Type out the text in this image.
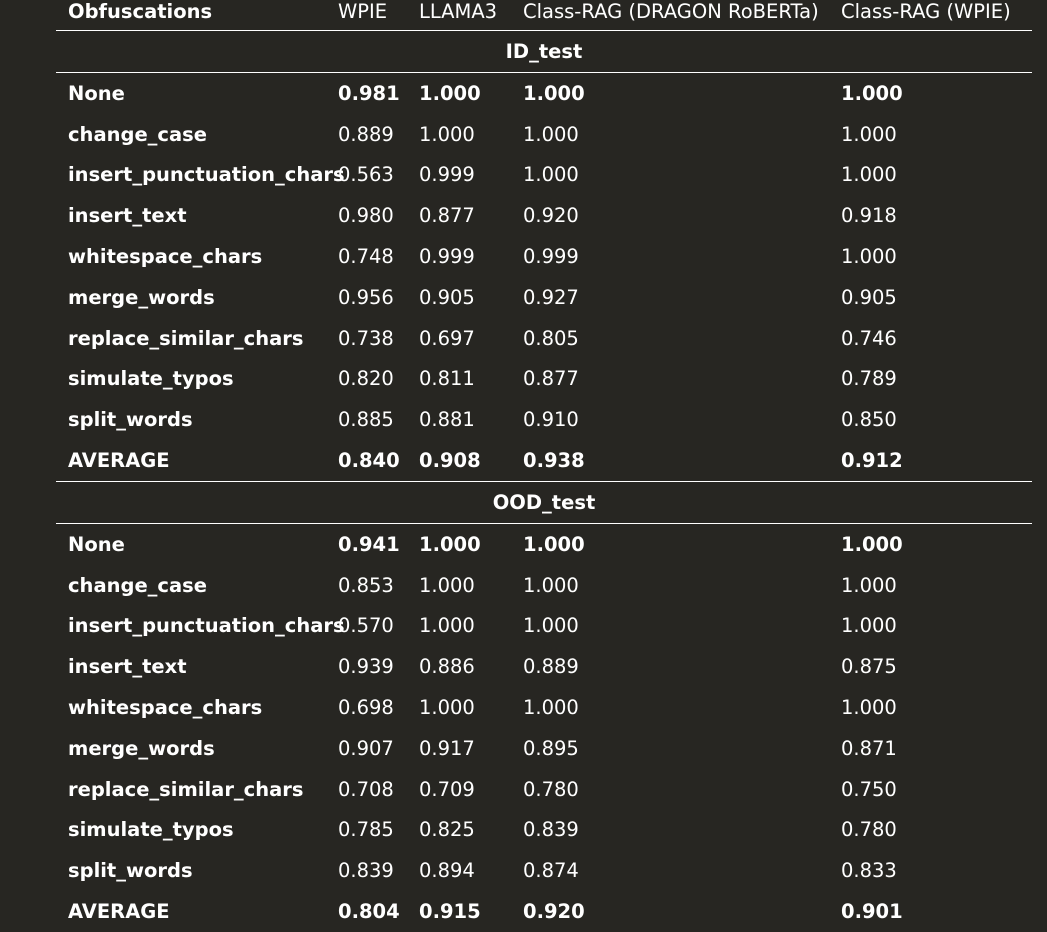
Obfuscations	WPIE	LLAMA3	Class-RAG (DRAGON RoBERTa)	Class-RAG (WPIE)
ID_test				
None	0.981	1.000	1.000	1.000
change_case	0.889	1.000	1.000	1.000
insert_punctuation_chars	0.563	0.999	1.000	1.000
insert_text	0.980	0.877	0.920	0.918
whitespace_chars	0.748	0.999	0.999	1.000
merge_words	0.956	0.905	0.927	0.905
replace_similar_chars	0.738	0.697	0.805	0.746
simulate_typos	0.820	0.811	0.877	0.789
split_words	0.885	0.881	0.910	0.850
AVERAGE	0.840	0.908	0.938	0.912
OOD_test				
None	0.941	1.000	1.000	1.000
change_case	0.853	1.000	1.000	1.000
insert_punctuation_chars	0.570	1.000	1.000	1.000
insert_text	0.939	0.886	0.889	0.875
whitespace_chars	0.698	1.000	1.000	1.000
merge_words	0.907	0.917	0.895	0.871
replace_similar_chars	0.708	0.709	0.780	0.750
simulate_typos	0.785	0.825	0.839	0.780
split_words	0.839	0.894	0.874	0.833
AVERAGE	0.804	0.915	0.920	0.901
